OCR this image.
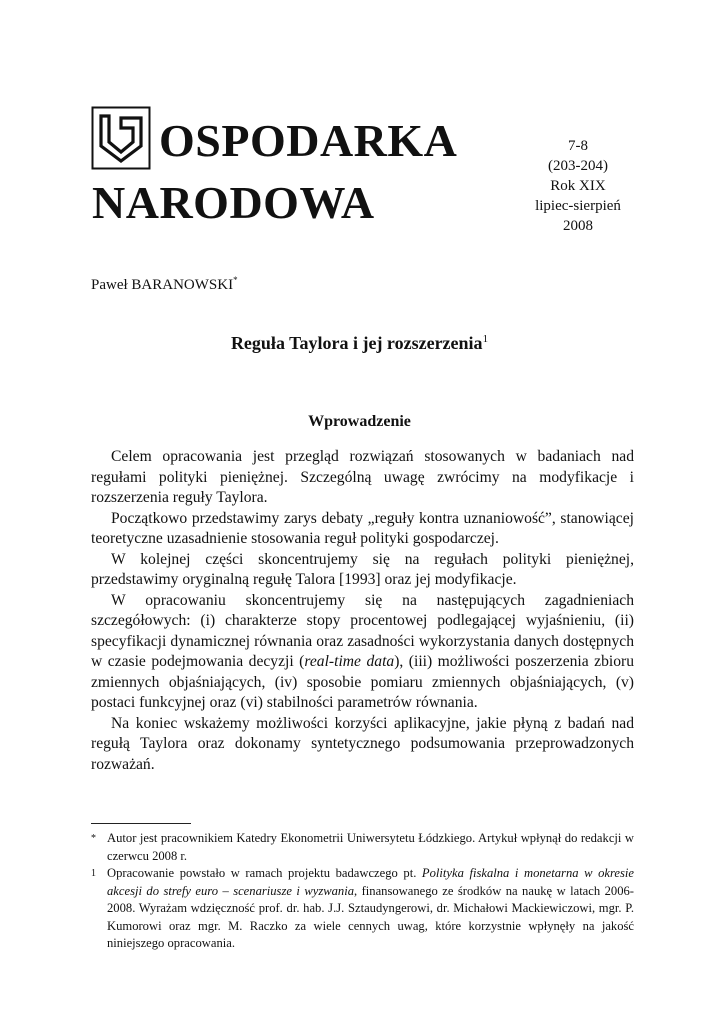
OSPODARKA
NARODOWA
7-8
(203-204)
Rok XIX
lipiec-sierpień
2008
Paweł BARANOWSKI*
Reguła Taylora i jej rozszerzenia$^1$
Wprowadzenie

Celem opracowania jest przegląd rozwiązań stosowanych w badaniach nad regułami polityki pieniężnej. Szczególną uwagę zwrócimy na modyfikacje i rozszerzenia reguły Taylora.

Początkowo przedstawimy zarys debaty „reguły kontra uznaniowość”, stanowiącej teoretyczne uzasadnienie stosowania reguł polityki gospodarczej.

W kolejnej części skoncentrujemy się na regułach polityki pieniężnej, przedstawimy oryginalną regułę Talora [1993] oraz jej modyfikacje.

W opracowaniu skoncentrujemy się na następujących zagadnieniach szczegółowych: (i) charakterze stopy procentowej podlegającej wyjaśnieniu, (ii) specyfikacji dynamicznej równania oraz zasadności wykorzystania danych dostępnych w czasie podejmowania decyzji (real-time data), (iii) możliwości poszerzenia zbioru zmiennych objaśniających, (iv) sposobie pomiaru zmiennych objaśniających, (v) postaci funkcyjnej oraz (vi) stabilności parametrów równania.

Na koniec wskażemy możliwości korzyści aplikacyjne, jakie płyną z badań nad regułą Taylora oraz dokonamy syntetycznego podsumowania przeprowadzonych rozważań.

* Autor jest pracownikiem Katedry Ekonometrii Uniwersytetu Łódzkiego. Artykuł wpłynął do redakcji w czerwcu 2008 r.
1 Opracowanie powstało w ramach projektu badawczego pt. Polityka fiskalna i monetarna w okresie akcesji do strefy euro – scenariusze i wyzwania, finansowanego ze środków na naukę w latach 2006-2008. Wyrażam wdzięczność prof. dr. hab. J.J. Sztaudyngerowi, dr. Michałowi Mackiewiczowi, mgr. P. Kumorowi oraz mgr. M. Raczko za wiele cennych uwag, które korzystnie wpłynęły na jakość niniejszego opracowania.
